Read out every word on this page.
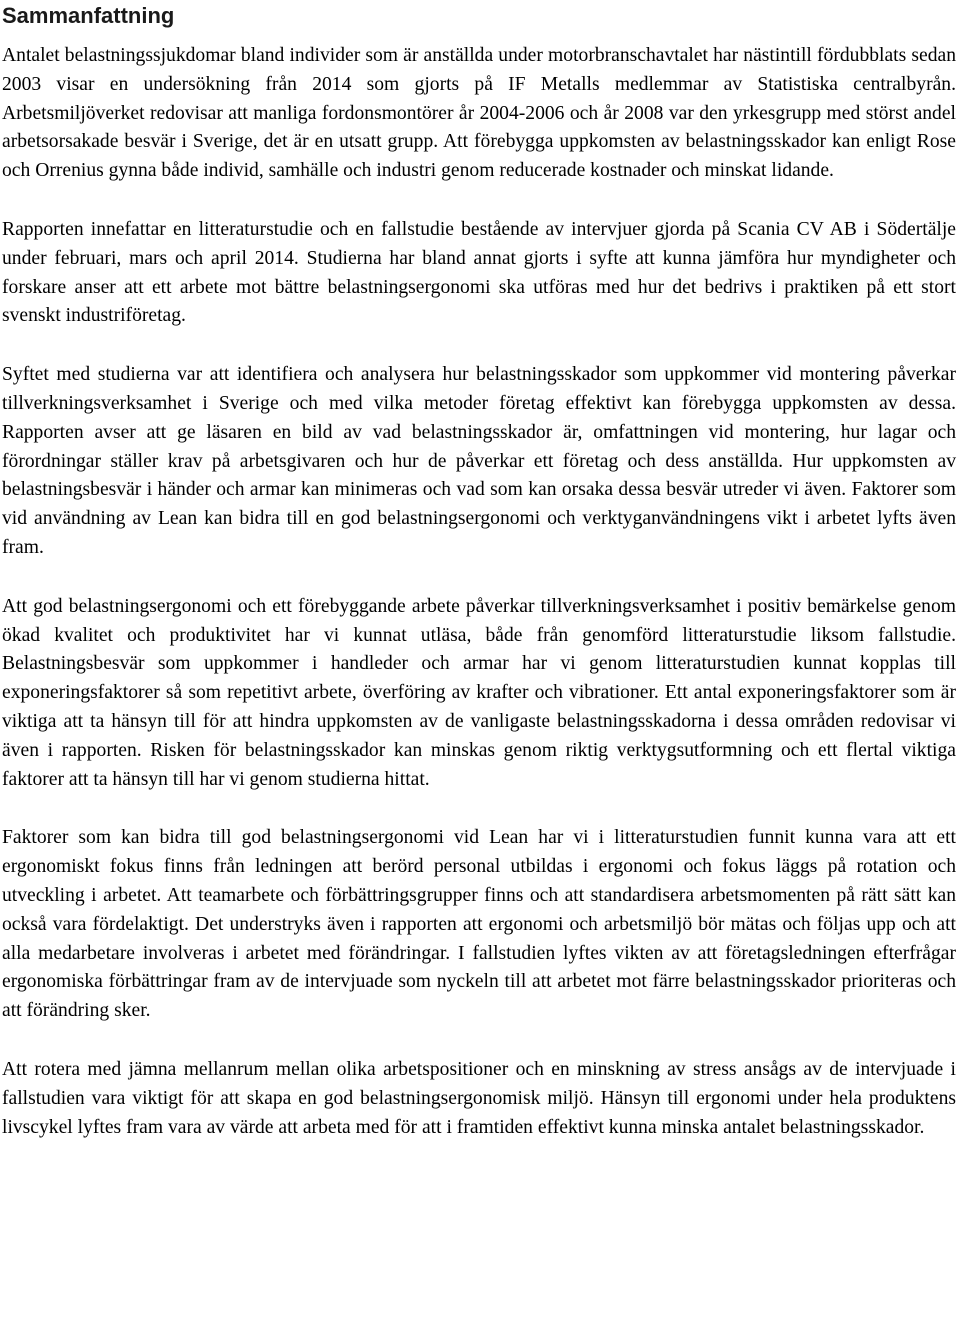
Sammanfattning

Antalet belastningssjukdomar bland individer som är anställda under motorbranschavtalet har nästintill fördubblats sedan 2003 visar en undersökning från 2014 som gjorts på IF Metalls medlemmar av Statistiska centralbyrån. Arbetsmiljöverket redovisar att manliga fordonsmontörer år 2004-2006 och år 2008 var den yrkesgrupp med störst andel arbetsorsakade besvär i Sverige, det är en utsatt grupp. Att förebygga uppkomsten av belastningsskador kan enligt Rose och Orrenius gynna både individ, samhälle och industri genom reducerade kostnader och minskat lidande.

Rapporten innefattar en litteraturstudie och en fallstudie bestående av intervjuer gjorda på Scania CV AB i Södertälje under februari, mars och april 2014. Studierna har bland annat gjorts i syfte att kunna jämföra hur myndigheter och forskare anser att ett arbete mot bättre belastningsergonomi ska utföras med hur det bedrivs i praktiken på ett stort svenskt industriföretag.

Syftet med studierna var att identifiera och analysera hur belastningsskador som uppkommer vid montering påverkar tillverkningsverksamhet i Sverige och med vilka metoder företag effektivt kan förebygga uppkomsten av dessa. Rapporten avser att ge läsaren en bild av vad belastningsskador är, omfattningen vid montering, hur lagar och förordningar ställer krav på arbetsgivaren och hur de påverkar ett företag och dess anställda. Hur uppkomsten av belastningsbesvär i händer och armar kan minimeras och vad som kan orsaka dessa besvär utreder vi även. Faktorer som vid användning av Lean kan bidra till en god belastningsergonomi och verktyganvändningens vikt i arbetet lyfts även fram.

Att god belastningsergonomi och ett förebyggande arbete påverkar tillverkningsverksamhet i positiv bemärkelse genom ökad kvalitet och produktivitet har vi kunnat utläsa, både från genomförd litteraturstudie liksom fallstudie. Belastningsbesvär som uppkommer i handleder och armar har vi genom litteraturstudien kunnat kopplas till exponeringsfaktorer så som repetitivt arbete, överföring av krafter och vibrationer. Ett antal exponeringsfaktorer som är viktiga att ta hänsyn till för att hindra uppkomsten av de vanligaste belastningsskadorna i dessa områden redovisar vi även i rapporten. Risken för belastningsskador kan minskas genom riktig verktygsutformning och ett flertal viktiga faktorer att ta hänsyn till har vi genom studierna hittat.

Faktorer som kan bidra till god belastningsergonomi vid Lean har vi i litteraturstudien funnit kunna vara att ett ergonomiskt fokus finns från ledningen att berörd personal utbildas i ergonomi och fokus läggs på rotation och utveckling i arbetet. Att teamarbete och förbättringsgrupper finns och att standardisera arbetsmomenten på rätt sätt kan också vara fördelaktigt. Det understryks även i rapporten att ergonomi och arbetsmiljö bör mätas och följas upp och att alla medarbetare involveras i arbetet med förändringar. I fallstudien lyftes vikten av att företagsledningen efterfrågar ergonomiska förbättringar fram av de intervjuade som nyckeln till att arbetet mot färre belastningsskador prioriteras och att förändring sker.

Att rotera med jämna mellanrum mellan olika arbetspositioner och en minskning av stress ansågs av de intervjuade i fallstudien vara viktigt för att skapa en god belastningsergonomisk miljö. Hänsyn till ergonomi under hela produktens livscykel lyftes fram vara av värde att arbeta med för att i framtiden effektivt kunna minska antalet belastningsskador.
